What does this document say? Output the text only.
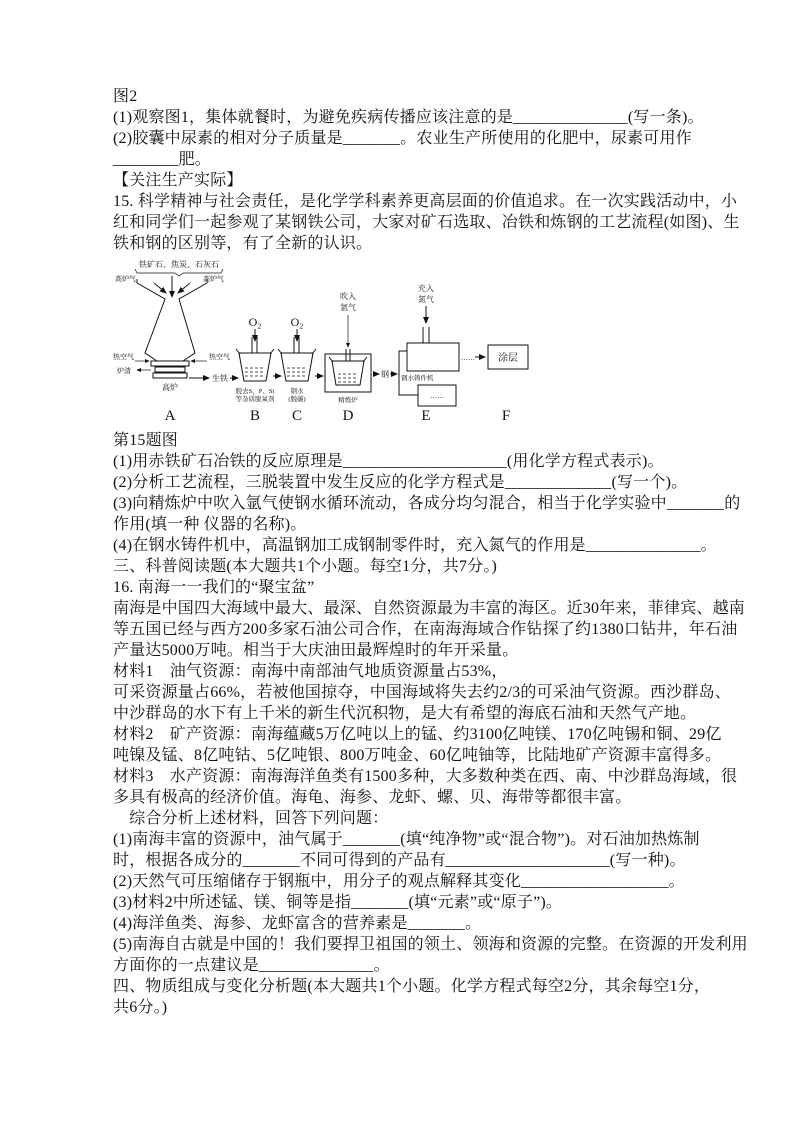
图2
(1)观察图1，集体就餐时，为避免疾病传播应该注意的是______________(写一条)。
(2)胶囊中尿素的相对分子质量是_______。农业生产所使用的化肥中，尿素可用作
________肥。
【关注生产实际】
15. 科学精神与社会责任，是化学学科素养更高层面的价值追求。在一次实践活动中，小
红和同学们一起参观了某钢铁公司，大家对矿石选取、冶铁和炼钢的工艺流程(如图)、生
铁和钢的区别等，有了全新的认识。
铁矿石、焦炭、石灰石
高炉气	高炉气
热空气
炉渣
热空气
高炉
生铁
O₂
脱去S、P、Si
等杂质脱氧剂
O₂
钢水
(脱碳)
吹入
氩气
精炼炉
钢
充入
氮气
钢水铸件机
……
…… 涂层
A	B C	D	E	F
第15题图
(1)用赤铁矿石冶铁的反应原理是____________________(用化学方程式表示)。
(2)分析工艺流程，三脱装置中发生反应的化学方程式是_____________(写一个)。
(3)向精炼炉中吹入氩气使钢水循环流动，各成分均匀混合，相当于化学实验中_______的
作用(填一种 仪器的名称)。
(4)在钢水铸件机中，高温钢加工成钢制零件时，充入氮气的作用是______________。
三、科普阅读题(本大题共1个小题。每空1分，共7分。)
16. 南海一一我们的“聚宝盆”
南海是中国四大海域中最大、最深、自然资源最为丰富的海区。近30年来，菲律宾、越南
等五国已经与西方200多家石油公司合作，在南海海域合作钻探了约1380口钻井，年石油
产量达5000万吨。相当于大庆油田最辉煌时的年开采量。
材料1　油气资源：南海中南部油气地质资源量占53%，
可采资源量占66%，若被他国掠夺，中国海域将失去约2/3的可采油气资源。西沙群岛、
中沙群岛的水下有上千米的新生代沉积物，是大有希望的海底石油和天然气产地。
材料2　矿产资源：南海蕴藏5万亿吨以上的锰、约3100亿吨镁、170亿吨锡和铜、29亿
吨镍及锰、8亿吨钴、5亿吨银、800万吨金、60亿吨铀等，比陆地矿产资源丰富得多。
材料3　水产资源：南海海洋鱼类有1500多种，大多数种类在西、南、中沙群岛海域，很
多具有极高的经济价值。海龟、海参、龙虾、螺、贝、海带等都很丰富。
　综合分析上述材料，回答下列问题：
(1)南海丰富的资源中，油气属于_______(填“纯净物”或“混合物”)。对石油加热炼制
时，根据各成分的_______不同可得到的产品有____________________(写一种)。
(2)天然气可压缩储存于钢瓶中，用分子的观点解释其变化__________________。
(3)材料2中所述锰、镁、铜等是指_______(填“元素”或“原子”)。
(4)海洋鱼类、海参、龙虾富含的营养素是_______。
(5)南海自古就是中国的！我们要捍卫祖国的领土、领海和资源的完整。在资源的开发利用
方面你的一点建议是______________。
四、物质组成与变化分析题(本大题共1个小题。化学方程式每空2分，其余每空1分，
共6分。)
